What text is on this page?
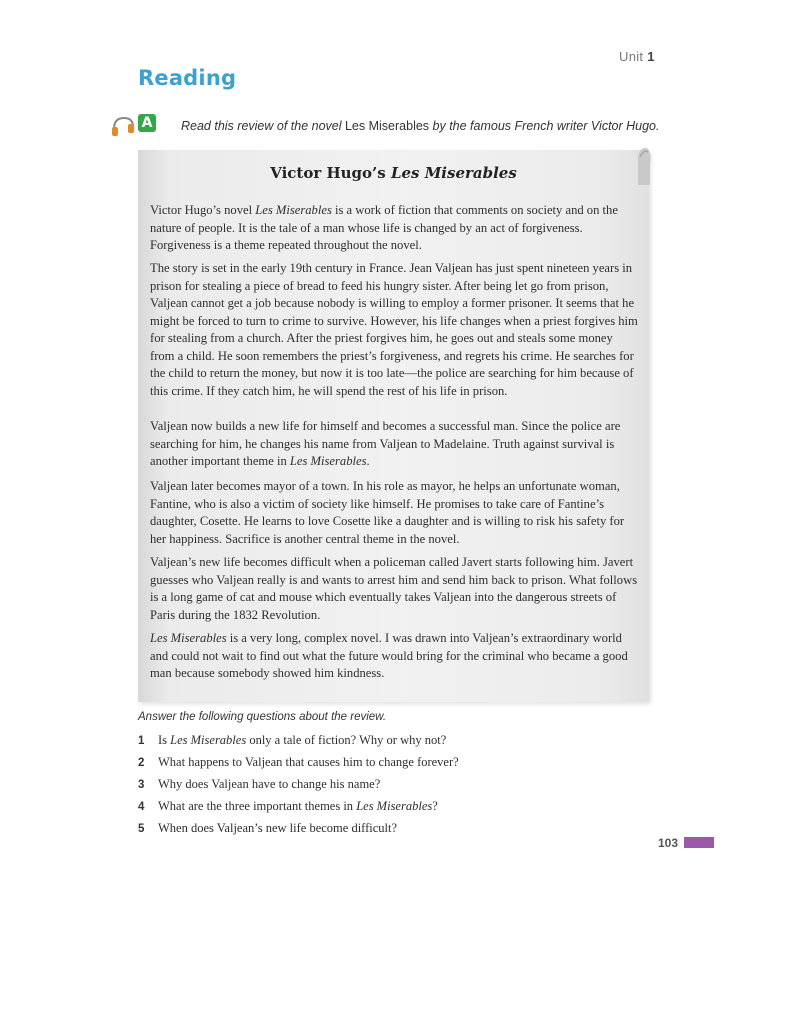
Unit 1
Reading
A Read this review of the novel Les Miserables by the famous French writer Victor Hugo.
Victor Hugo’s Les Miserables

Victor Hugo’s novel Les Miserables is a work of fiction that comments on society and on the nature of people. It is the tale of a man whose life is changed by an act of forgiveness. Forgiveness is a theme repeated throughout the novel.

The story is set in the early 19th century in France. Jean Valjean has just spent nineteen years in prison for stealing a piece of bread to feed his hungry sister. After being let go from prison, Valjean cannot get a job because nobody is willing to employ a former prisoner. It seems that he might be forced to turn to crime to survive. However, his life changes when a priest forgives him for stealing from a church. After the priest forgives him, he goes out and steals some money from a child. He soon remembers the priest’s forgiveness, and regrets his crime. He searches for the child to return the money, but now it is too late—the police are searching for him because of this crime. If they catch him, he will spend the rest of his life in prison.

Valjean now builds a new life for himself and becomes a successful man. Since the police are searching for him, he changes his name from Valjean to Madelaine. Truth against survival is another important theme in Les Miserables.

Valjean later becomes mayor of a town. In his role as mayor, he helps an unfortunate woman, Fantine, who is also a victim of society like himself. He promises to take care of Fantine’s daughter, Cosette. He learns to love Cosette like a daughter and is willing to risk his safety for her happiness. Sacrifice is another central theme in the novel.

Valjean’s new life becomes difficult when a policeman called Javert starts following him. Javert guesses who Valjean really is and wants to arrest him and send him back to prison. What follows is a long game of cat and mouse which eventually takes Valjean into the dangerous streets of Paris during the 1832 Revolution.

Les Miserables is a very long, complex novel. I was drawn into Valjean’s extraordinary world and could not wait to find out what the future would bring for the criminal who became a good man because somebody showed him kindness.

Answer the following questions about the review.
1 Is Les Miserables only a tale of fiction? Why or why not?
2 What happens to Valjean that causes him to change forever?
3 Why does Valjean have to change his name?
4 What are the three important themes in Les Miserables?
5 When does Valjean’s new life become difficult?
103
